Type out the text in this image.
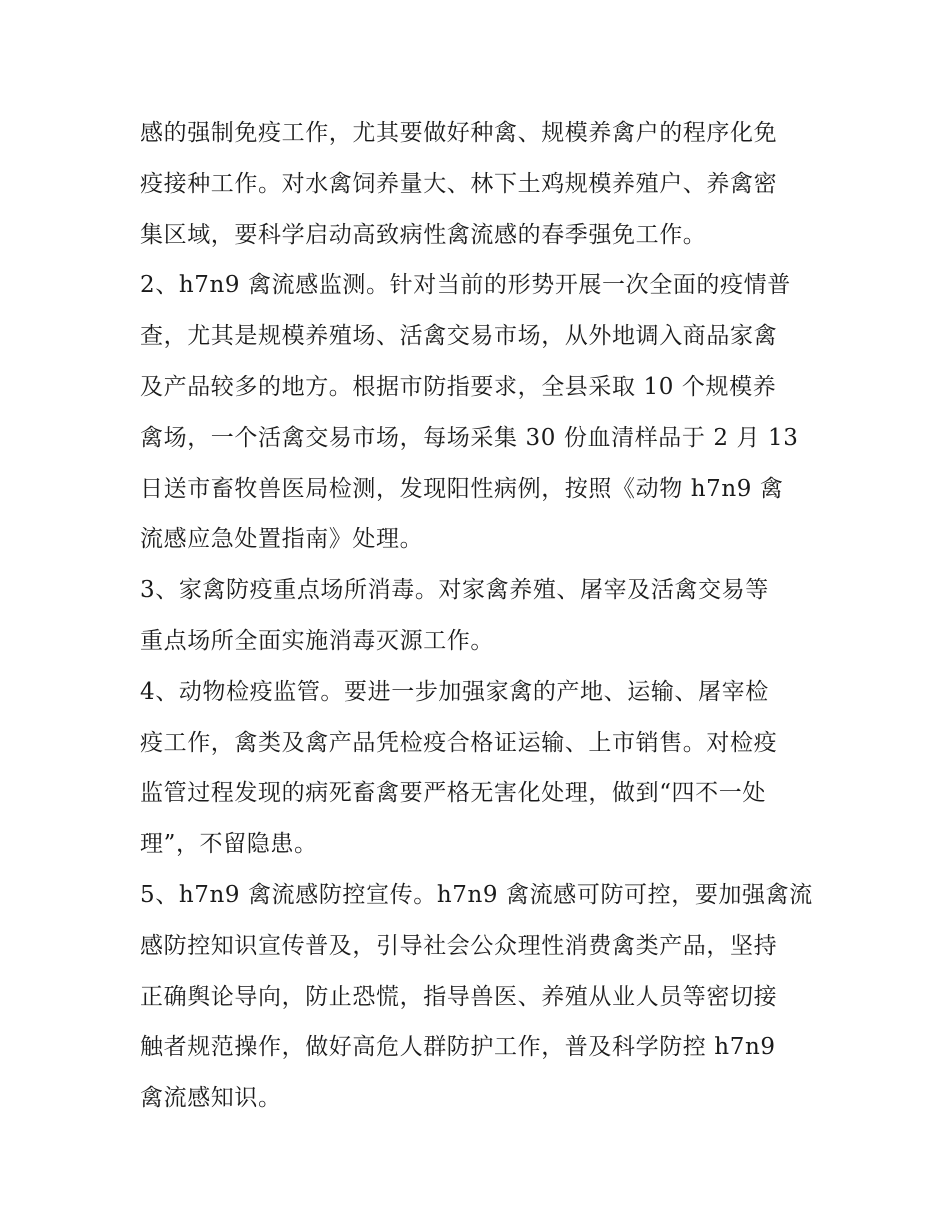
感的强制免疫工作，尤其要做好种禽、规模养禽户的程序化免
疫接种工作。对水禽饲养量大、林下土鸡规模养殖户、养禽密
集区域，要科学启动高致病性禽流感的春季强免工作。
2、h7n9 禽流感监测。针对当前的形势开展一次全面的疫情普
查，尤其是规模养殖场、活禽交易市场，从外地调入商品家禽
及产品较多的地方。根据市防指要求，全县采取 10 个规模养
禽场，一个活禽交易市场，每场采集 30 份血清样品于 2 月 13
日送市畜牧兽医局检测，发现阳性病例，按照《动物 h7n9 禽
流感应急处置指南》处理。
3、家禽防疫重点场所消毒。对家禽养殖、屠宰及活禽交易等
重点场所全面实施消毒灭源工作。
4、动物检疫监管。要进一步加强家禽的产地、运输、屠宰检
疫工作，禽类及禽产品凭检疫合格证运输、上市销售。对检疫
监管过程发现的病死畜禽要严格无害化处理，做到“四不一处
理”，不留隐患。
5、h7n9 禽流感防控宣传。h7n9 禽流感可防可控，要加强禽流
感防控知识宣传普及，引导社会公众理性消费禽类产品，坚持
正确舆论导向，防止恐慌，指导兽医、养殖从业人员等密切接
触者规范操作，做好高危人群防护工作，普及科学防控 h7n9
禽流感知识。
